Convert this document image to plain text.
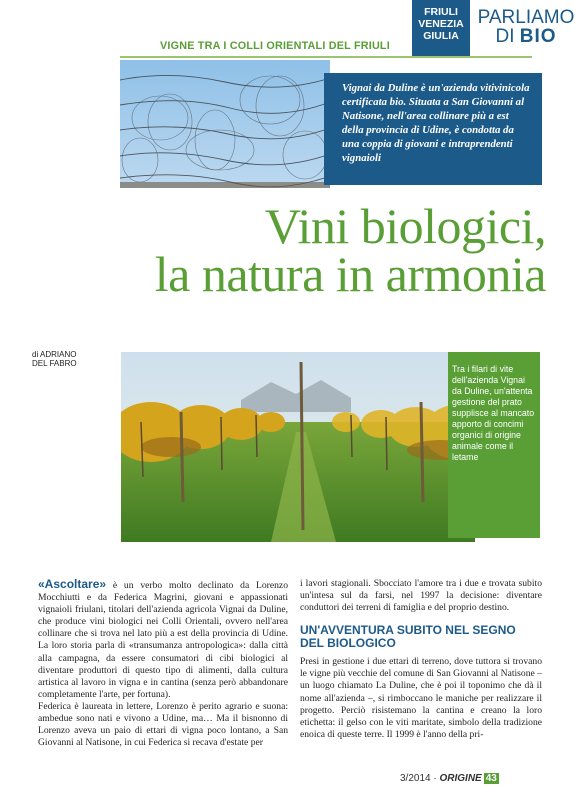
FRIULI
VENEZIA
GIULIA
PARLIAMO
DI BIO
VIGNE TRA I COLLI ORIENTALI DEL FRIULI
Vignai da Duline è un'azienda vitivinicola certificata bio. Situata a San Giovanni al Natisone, nell'area collinare più a est della provincia di Udine, è condotta da una coppia di giovani e intraprendenti vignaioli
Vini biologici,
la natura in armonia
di ADRIANO
DEL FABRO
Tra i filari di vite dell'azienda Vignai da Duline, un'attenta gestione del prato supplisce al mancato apporto di concimi organici di origine animale come il letame

«Ascoltare» è un verbo molto declinato da Lorenzo Mocchiutti e da Federica Magrini, giovani e appassionati vignaioli friulani, titolari dell'azienda agricola Vignai da Duline, che produce vini biologici nei Colli Orientali, ovvero nell'area collinare che si trova nel lato più a est della provincia di Udine. La loro storia parla di «transumanza antropologica»: dalla città alla campagna, da essere consumatori di cibi biologici al diventare produttori di questo tipo di alimenti, dalla cultura artistica al lavoro in vigna e in cantina (senza però abbandonare completamente l'arte, per fortuna).

Federica è laureata in lettere, Lorenzo è perito agrario e suona: ambedue sono nati e vivono a Udine, ma… Ma il bisnonno di Lorenzo aveva un paio di ettari di vigna poco lontano, a San Giovanni al Natisone, in cui Federica si recava d'estate per

i lavori stagionali. Sbocciato l'amore tra i due e trovata subito un'intesa sul da farsi, nel 1997 la decisione: diventare conduttori dei terreni di famiglia e del proprio destino.

UN'AVVENTURA SUBITO NEL SEGNO DEL BIOLOGICO

Presi in gestione i due ettari di terreno, dove tuttora si trovano le vigne più vecchie del comune di San Giovanni al Natisone – un luogo chiamato La Duline, che è poi il toponimo che dà il nome all'azienda –, si rimboccano le maniche per realizzare il progetto. Perciò risistemano la cantina e creano la loro etichetta: il gelso con le viti maritate, simbolo della tradizione enoica di queste terre. Il 1999 è l'anno della pri-

3/2014 · ORIGINE 43
